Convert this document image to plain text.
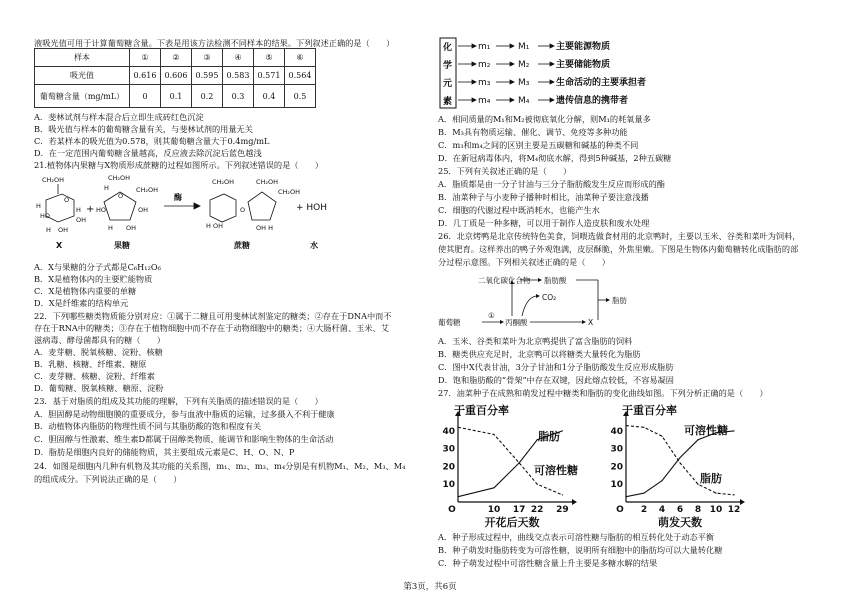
液吸光值可用于计算葡萄糖含量。下表是用该方法检测不同样本的结果。下列叙述正确的是（　　）
样本	①	②	③	④	⑤	⑥
吸光值	0.616	0.606	0.595	0.583	0.571	0.564
葡萄糖含量（mg/mL）	0	0.1	0.2	0.3	0.4	0.5
A．斐林试剂与样本混合后立即生成砖红色沉淀
B．吸光值与样本的葡萄糖含量有关，与斐林试剂的用量无关
C．若某样本的吸光值为0.578，则其葡萄糖含量大于0.4mg/mL
D．在一定范围内葡萄糖含量越高，反应液去除沉淀后蓝色越浅
21.植物体内果糖与X物质形成蔗糖的过程如图所示。下列叙述错误的是（　　）
CH₂OH
O
H
HO
H
OH
H OH
+
CH₂OH
H
O
CH₂OH
HO	OH
H OH
CH₂OH
H OH
O
CH₂OH
CH₂OH
OH H
+ HOH
酶
X	果糖	蔗糖	水
A．X与果糖的分子式都是C₆H₁₂O₆
B．X是植物体内的主要贮能物质
C．X是植物体内重要的单糖
D．X是纤维素的结构单元
22．下列哪些糖类物质能分别对应：①属于二糖且可用斐林试剂鉴定的糖类；②存在于DNA中而不
存在于RNA中的糖类；③存在于植物细胞中而不存在于动物细胞中的糖类；④大肠杆菌、玉米、艾
滋病毒、酵母菌都具有的糖（　　）
A．麦芽糖、脱氧核糖、淀粉、核糖
B．乳糖、核糖、纤维素、糖原
C．麦芽糖、核糖、淀粉、纤维素
D．葡萄糖、脱氧核糖、糖原、淀粉
23．基于对脂质的组成及其功能的理解，下列有关脂质的描述错误的是（　　）
A．胆固醇是动物细胞膜的重要成分，参与血液中脂质的运输，过多摄入不利于健康
B．动植物体内脂肪的物理性质不同与其脂肪酸的饱和程度有关
C．胆固醇与性激素、维生素D都属于固醇类物质，能调节和影响生物体的生命活动
D．脂肪是细胞内良好的储能物质，其主要组成元素是C、H、O、N、P
24．如图是细胞内几种有机物及其功能的关系图，m₁、m₂、m₃、m₄分别是有机物M₁、M₂、M₃、M₄
的组成成分。下列说法正确的是（　　）
化
学
元
素
m₁	M₁	主要能源物质
m₂	M₂	主要储能物质
m₃	M₃	生命活动的主要承担者
m₄	M₄	遗传信息的携带者
A．相同质量的M₁和M₂被彻底氧化分解，则M₁的耗氧量多
B．M₃具有物质运输、催化、调节、免疫等多种功能
C．m₃和m₄之间的区别主要是五碳糖和碱基的种类不同
D．在新冠病毒体内，将M₄彻底水解，得到5种碱基，2种五碳糖
25．下列有关叙述正确的是（　　）
A．脂质都是由一分子甘油与三分子脂肪酸发生反应而形成的酯
B．油菜种子与小麦种子播种时相比，油菜种子要注意浅播
C．细胞的代谢过程中既消耗水，也能产生水
D．几丁质是一种多糖，可以用于制作人造皮肤和废水处理
26．北京烤鸭是北京传统特色美食，饲喂选做食材用的北京鸭时，主要以玉米、谷类和菜叶为饲料，
使其肥育。这样养出的鸭子外观饱满，皮层酥脆，外焦里嫩。下图是生物体内葡萄糖转化成脂肪的部
分过程示意图。下列相关叙述正确的是（　　）
二氧化碳化合物 脂肪酸
CO₂	脂肪
葡萄糖
①
丙酮酸	X
A．玉米、谷类和菜叶为北京鸭提供了富含脂肪的饲料
B．糖类供应充足时，北京鸭可以将糖类大量转化为脂肪
C．图中X代表甘油，3分子甘油和1分子脂肪酸发生反应形成脂肪
D．饱和脂肪酸的“骨架”中存在双键，因此熔点较低，不容易凝固
27．油菜种子在成熟和萌发过程中糖类和脂肪的变化曲线如图。下列分析正确的是（　　）
干重百分率
开花后天数
10
20
30
40
O	10 17 22 29
脂肪
可溶性糖
干重百分率
萌发天数
10
20
30
40
O 2 4 6 8 10 12
可溶性糖
脂肪
A．种子形成过程中，曲线交点表示可溶性糖与脂肪的相互转化处于动态平衡
B．种子萌发时脂肪转变为可溶性糖，说明所有细胞中的脂肪均可以大量转化糖
C．种子萌发过程中可溶性糖含量上升主要是多糖水解的结果
第3页，共6页
